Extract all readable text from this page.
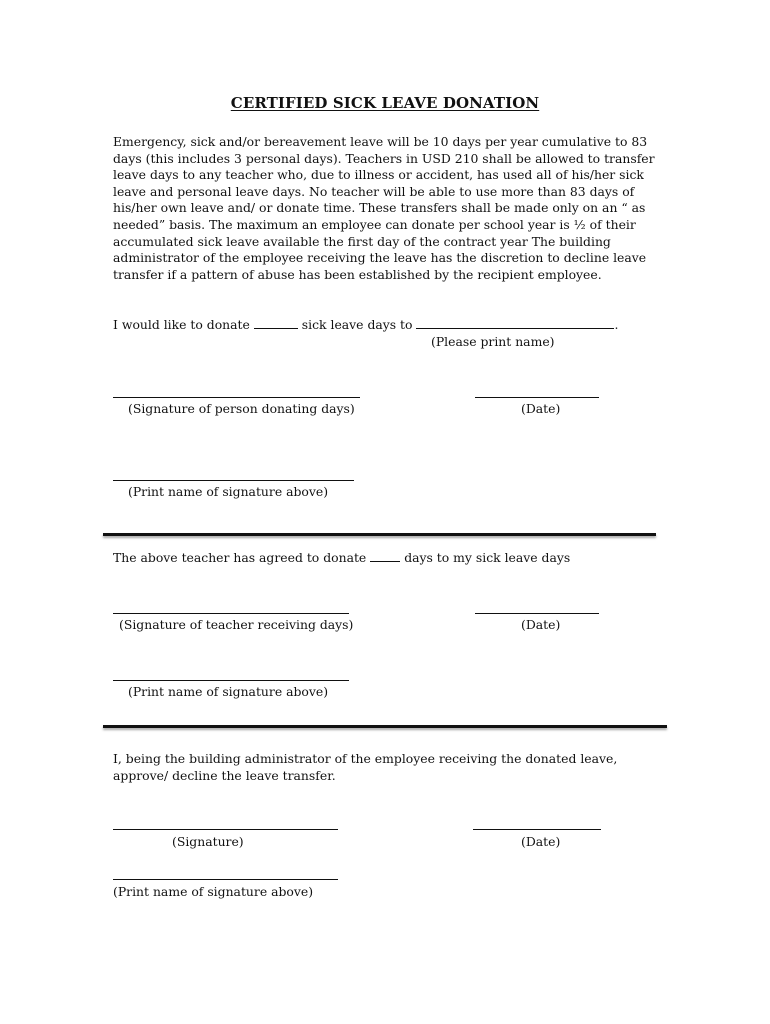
CERTIFIED SICK LEAVE DONATION
Emergency, sick and/or bereavement leave will be 10 days per year cumulative to 83 days (this includes 3 personal days). Teachers in USD 210 shall be allowed to transfer leave days to any teacher who, due to illness or accident, has used all of his/her sick leave and personal leave days. No teacher will be able to use more than 83 days of his/her own leave and/ or donate time. These transfers shall be made only on an “ as needed” basis. The maximum an employee can donate per school year is ½ of their accumulated sick leave available the first day of the contract year The building administrator of the employee receiving the leave has the discretion to decline leave transfer if a pattern of abuse has been established by the recipient employee.
I would like to donate	sick leave days to	.
(Please print name)
(Signature of person donating days)	(Date)
(Print name of signature above)
The above teacher has agreed to donate	days to my sick leave days
(Signature of teacher receiving days)	(Date)
(Print name of signature above)
I, being the building administrator of the employee receiving the donated leave, approve/ decline the leave transfer.
(Signature)	(Date)
(Print name of signature above)
